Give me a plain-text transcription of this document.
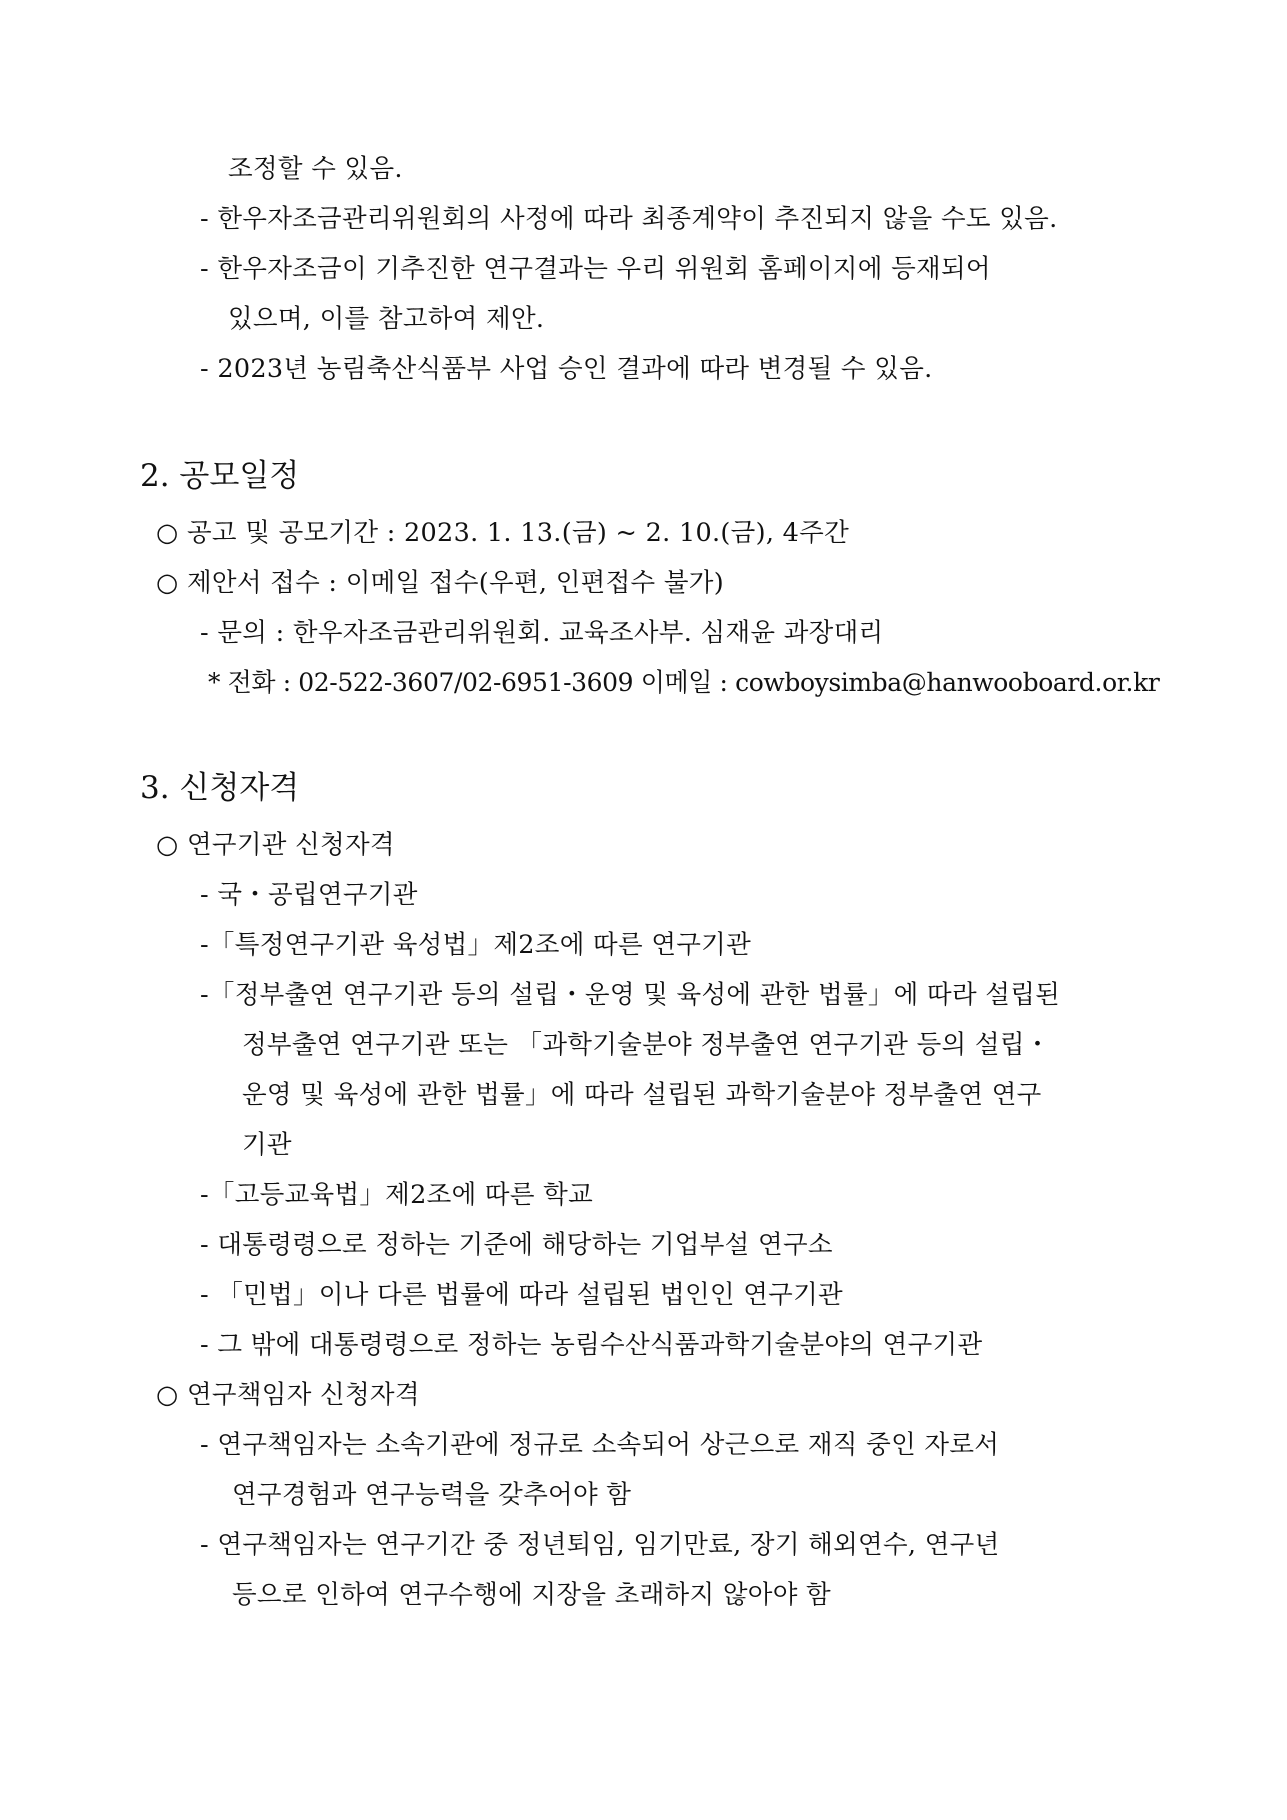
조정할 수 있음.
- 한우자조금관리위원회의 사정에 따라 최종계약이 추진되지 않을 수도 있음.
- 한우자조금이 기추진한 연구결과는 우리 위원회 홈페이지에 등재되어
있으며, 이를 참고하여 제안.
- 2023년 농림축산식품부 사업 승인 결과에 따라 변경될 수 있음.
2. 공모일정
○ 공고 및 공모기간 : 2023. 1. 13.(금) ~ 2. 10.(금), 4주간
○ 제안서 접수 : 이메일 접수(우편, 인편접수 불가)
- 문의 : 한우자조금관리위원회. 교육조사부. 심재윤 과장대리
* 전화 : 02-522-3607/02-6951-3609 이메일 : cowboysimba@hanwooboard.or.kr
3. 신청자격
○ 연구기관 신청자격
- 국・공립연구기관
-「특정연구기관 육성법」제2조에 따른 연구기관
-「정부출연 연구기관 등의 설립・운영 및 육성에 관한 법률」에 따라 설립된
정부출연 연구기관 또는 「과학기술분야 정부출연 연구기관 등의 설립・
운영 및 육성에 관한 법률」에 따라 설립된 과학기술분야 정부출연 연구
기관
-「고등교육법」제2조에 따른 학교
- 대통령령으로 정하는 기준에 해당하는 기업부설 연구소
- 「민법」이나 다른 법률에 따라 설립된 법인인 연구기관
- 그 밖에 대통령령으로 정하는 농림수산식품과학기술분야의 연구기관
○ 연구책임자 신청자격
- 연구책임자는 소속기관에 정규로 소속되어 상근으로 재직 중인 자로서
연구경험과 연구능력을 갖추어야 함
- 연구책임자는 연구기간 중 정년퇴임, 임기만료, 장기 해외연수, 연구년
등으로 인하여 연구수행에 지장을 초래하지 않아야 함
